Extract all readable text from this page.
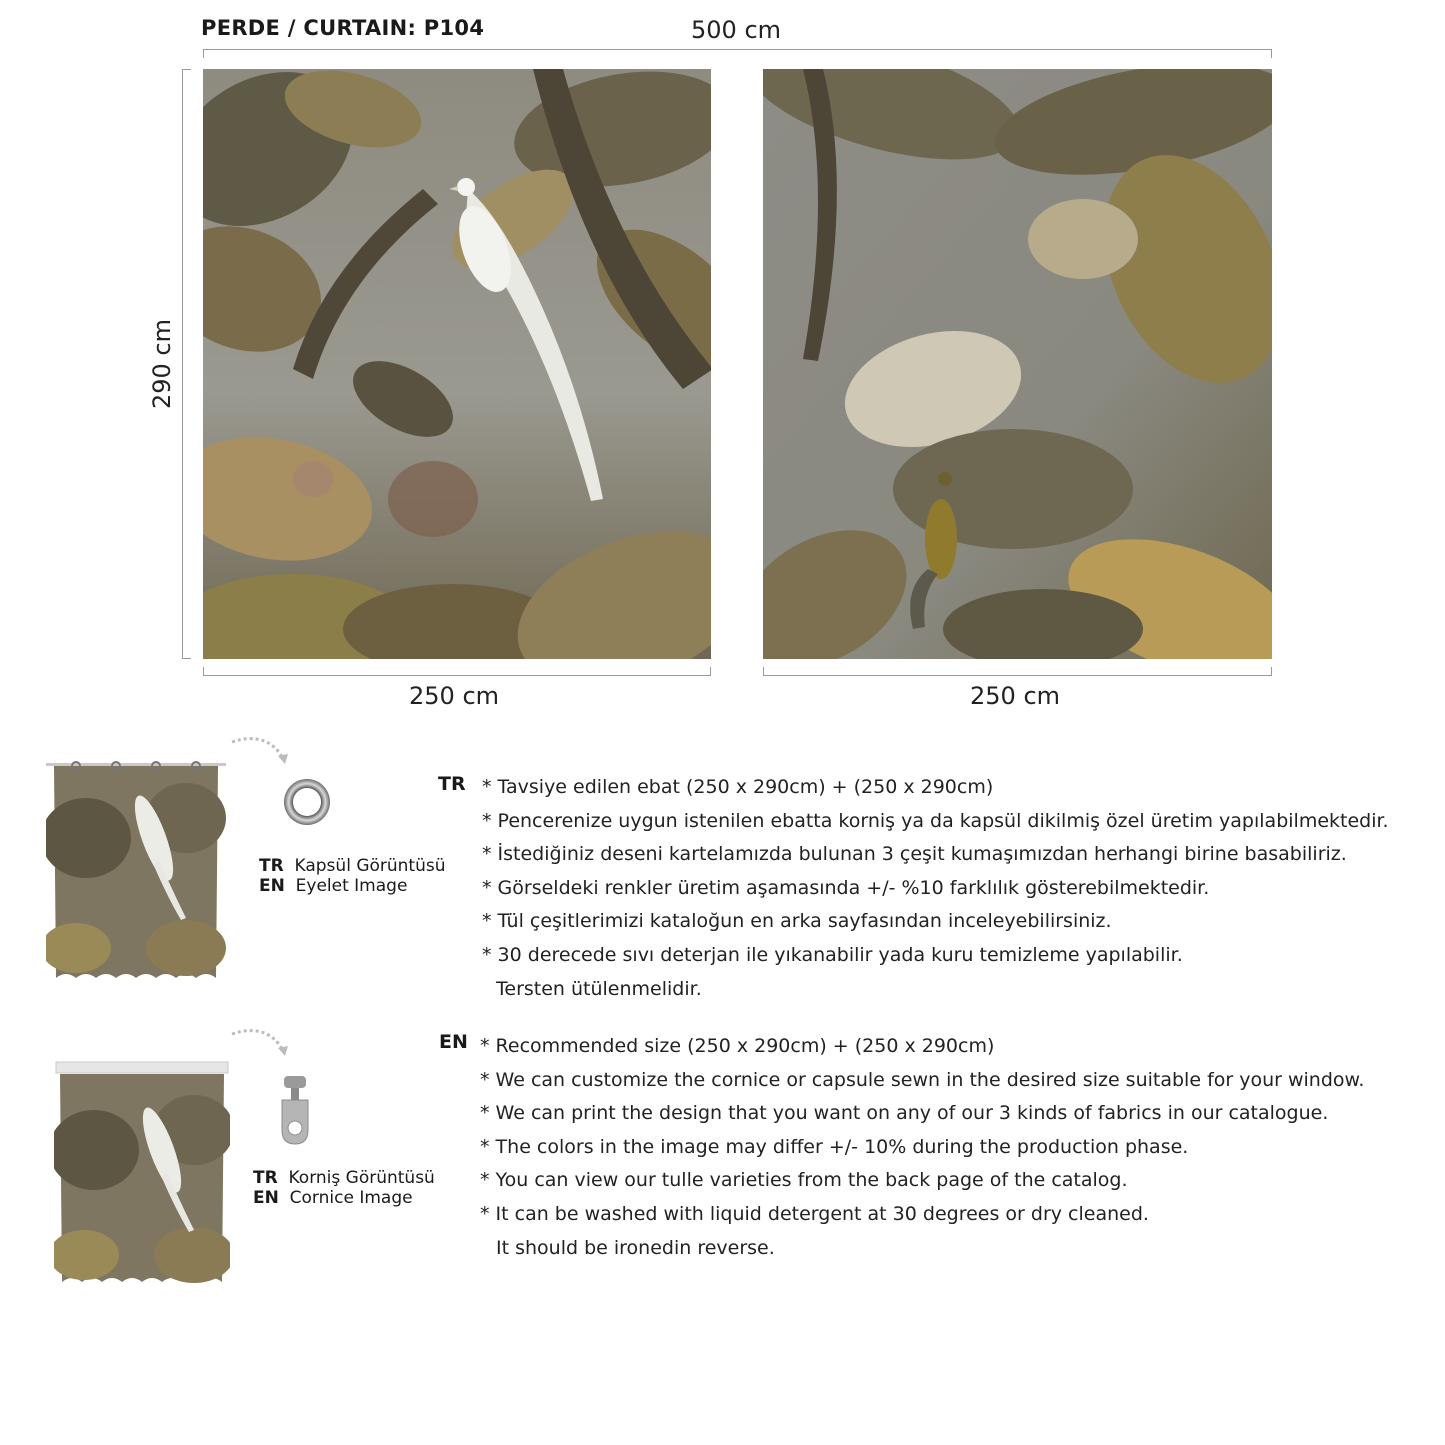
PERDE / CURTAIN: P104	500 cm
290 cm
250 cm	250 cm
TR Kapsül Görüntüsü
EN Eyelet Image
TR Korniş Görüntüsü
EN Cornice Image
TR * Tavsiye edilen ebat (250 x 290cm) + (250 x 290cm)
* Pencerenize uygun istenilen ebatta korniş ya da kapsül dikilmiş özel üretim yapılabilmektedir.
* İstediğiniz deseni kartelamızda bulunan 3 çeşit kumaşımızdan herhangi birine basabiliriz.
* Görseldeki renkler üretim aşamasında +/- %10 farklılık gösterebilmektedir.
* Tül çeşitlerimizi kataloğun en arka sayfasından inceleyebilirsiniz.
* 30 derecede sıvı deterjan ile yıkanabilir yada kuru temizleme yapılabilir.
Tersten ütülenmelidir.
EN * Recommended size (250 x 290cm) + (250 x 290cm)
* We can customize the cornice or capsule sewn in the desired size suitable for your window.
* We can print the design that you want on any of our 3 kinds of fabrics in our catalogue.
* The colors in the image may differ +/- 10% during the production phase.
* You can view our tulle varieties from the back page of the catalog.
* It can be washed with liquid detergent at 30 degrees or dry cleaned.
It should be ironedin reverse.
